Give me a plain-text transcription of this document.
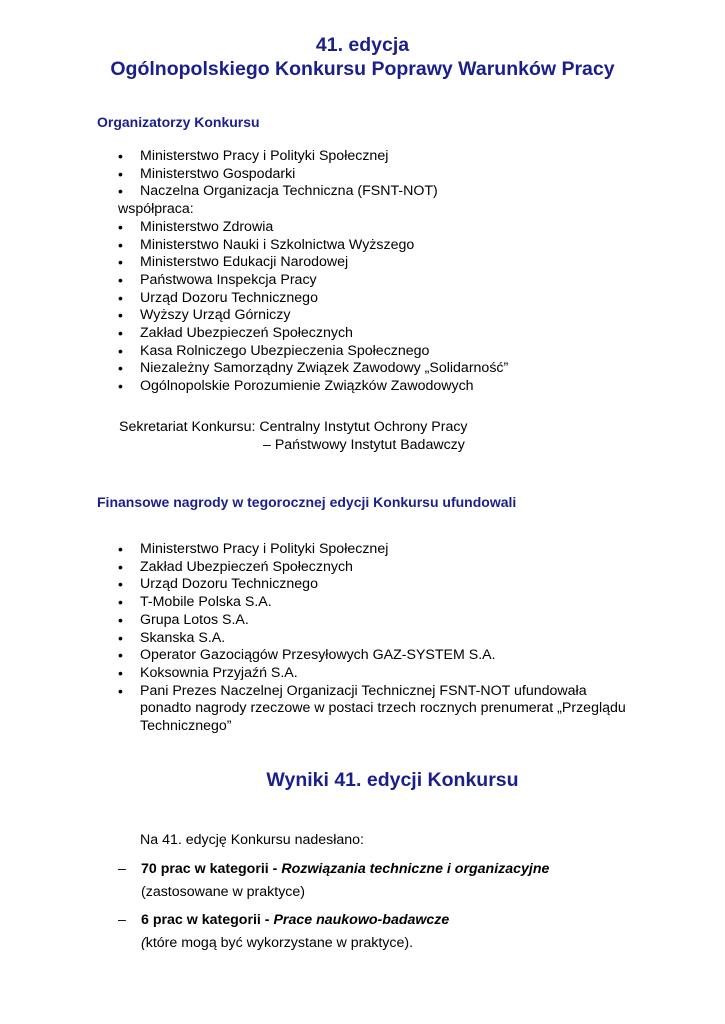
41. edycja
Ogólnopolskiego Konkursu Poprawy Warunków Pracy
Organizatorzy Konkursu
• Ministerstwo Pracy i Polityki Społecznej
• Ministerstwo Gospodarki
• Naczelna Organizacja Techniczna (FSNT-NOT)
współpraca:
• Ministerstwo Zdrowia
• Ministerstwo Nauki i Szkolnictwa Wyższego
• Ministerstwo Edukacji Narodowej
• Państwowa Inspekcja Pracy
• Urząd Dozoru Technicznego
• Wyższy Urząd Górniczy
• Zakład Ubezpieczeń Społecznych
• Kasa Rolniczego Ubezpieczenia Społecznego
• Niezależny Samorządny Związek Zawodowy „Solidarność”
• Ogólnopolskie Porozumienie Związków Zawodowych
Sekretariat Konkursu: Centralny Instytut Ochrony Pracy
– Państwowy Instytut Badawczy
Finansowe nagrody w tegorocznej edycji Konkursu ufundowali
• Ministerstwo Pracy i Polityki Społecznej
• Zakład Ubezpieczeń Społecznych
• Urząd Dozoru Technicznego
• T-Mobile Polska S.A.
• Grupa Lotos S.A.
• Skanska S.A.
• Operator Gazociągów Przesyłowych GAZ-SYSTEM S.A.
• Koksownia Przyjaźń S.A.
• Pani Prezes Naczelnej Organizacji Technicznej FSNT-NOT ufundowała
ponadto nagrody rzeczowe w postaci trzech rocznych prenumerat „Przeglądu
Technicznego”
Wyniki 41. edycji Konkursu
Na 41. edycję Konkursu nadesłano:
–	70 prac w kategorii - Rozwiązania techniczne i organizacyjne
(zastosowane w praktyce)
–	6 prac w kategorii - Prace naukowo-badawcze
(które mogą być wykorzystane w praktyce).
